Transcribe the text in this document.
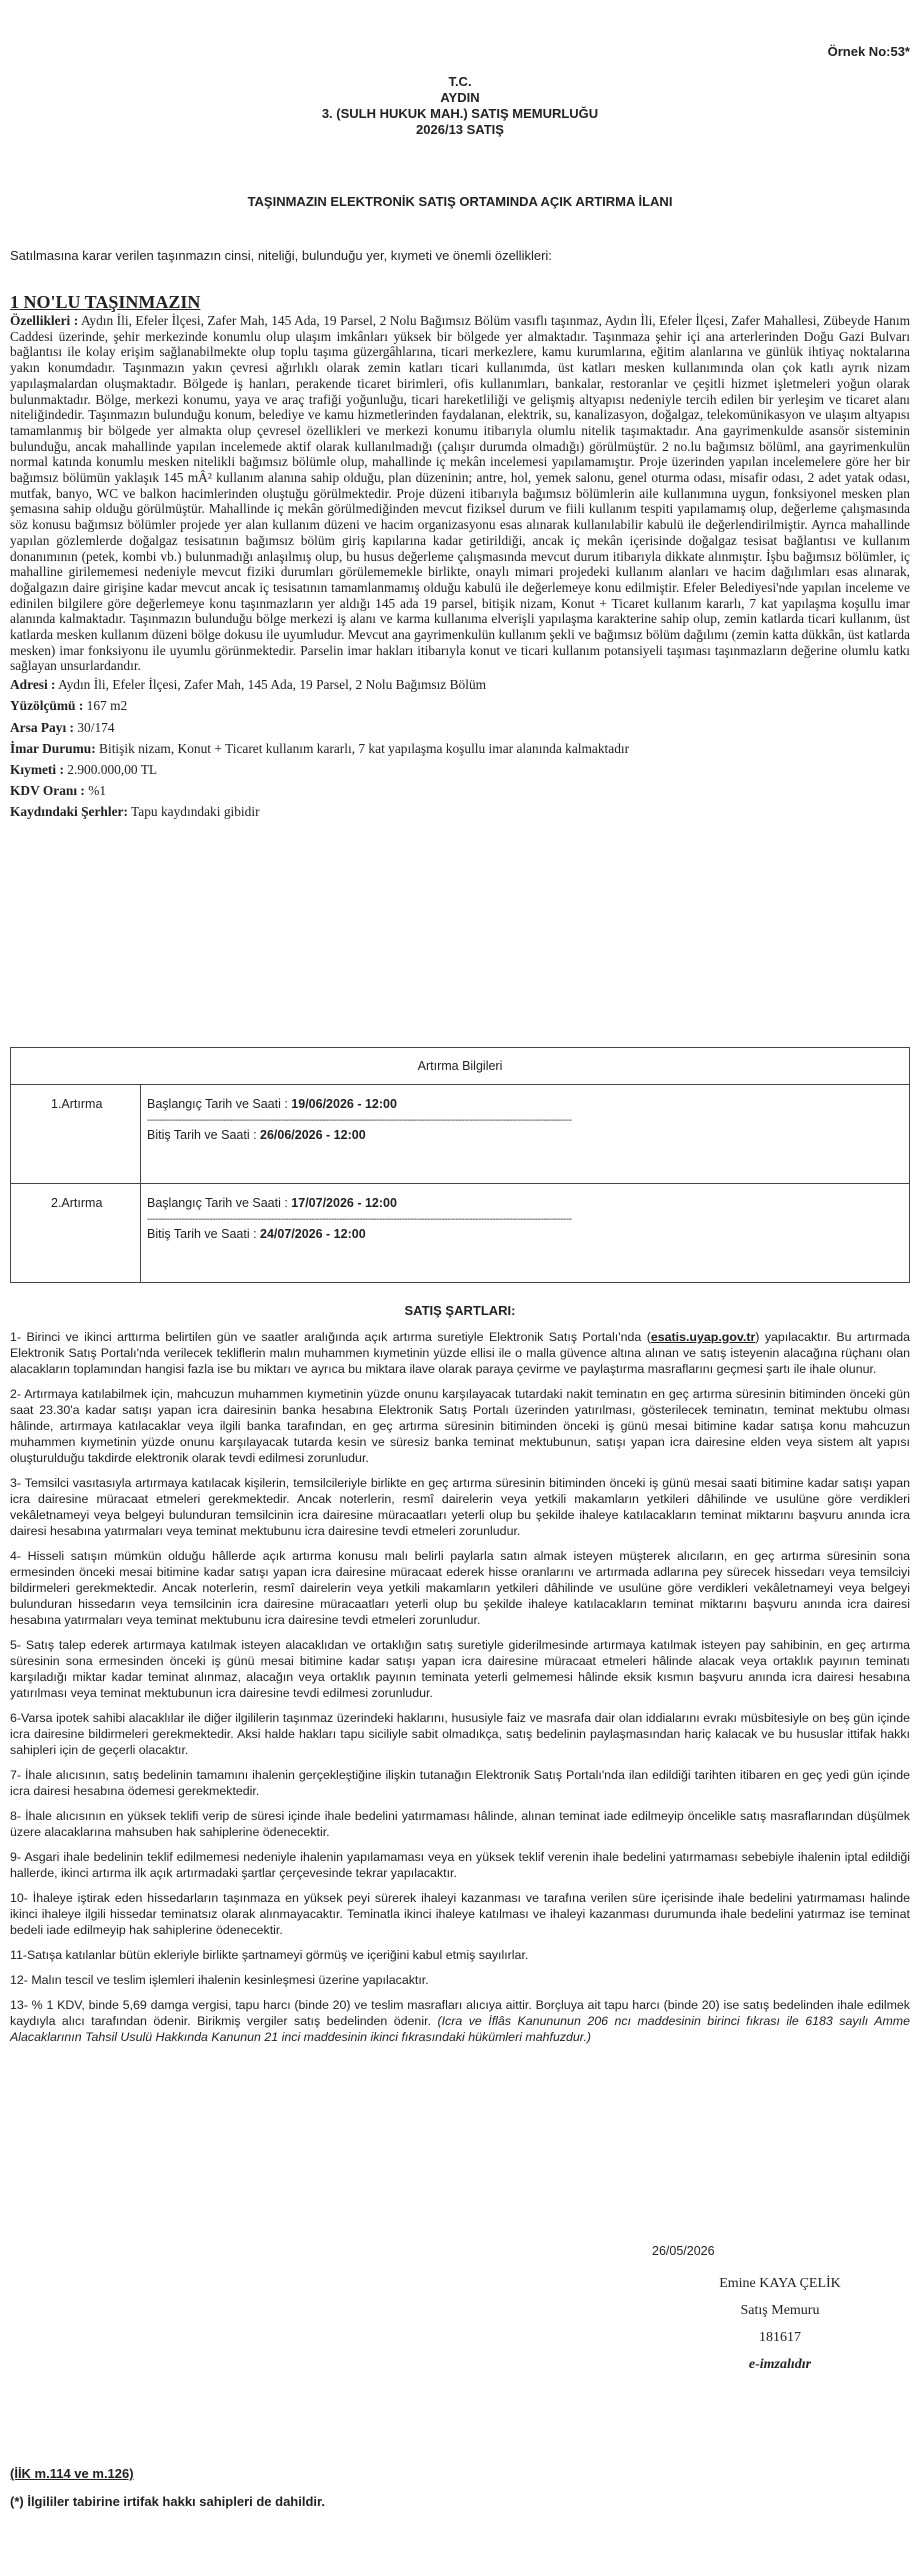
Örnek No:53*
T.C.
AYDIN
3. (SULH HUKUK MAH.) SATIŞ MEMURLUĞU
2026/13 SATIŞ
TAŞINMAZIN ELEKTRONİK SATIŞ ORTAMINDA AÇIK ARTIRMA İLANI
Satılmasına karar verilen taşınmazın cinsi, niteliği, bulunduğu yer, kıymeti ve önemli özellikleri:
1 NO'LU TAŞINMAZIN

Özellikleri : Aydın İli, Efeler İlçesi, Zafer Mah, 145 Ada, 19 Parsel, 2 Nolu Bağımsız Bölüm vasıflı taşınmaz, Aydın İli, Efeler İlçesi, Zafer Mahallesi, Zübeyde Hanım Caddesi üzerinde, şehir merkezinde konumlu olup ulaşım imkânları yüksek bir bölgede yer almaktadır. Taşınmaza şehir içi ana arterlerinden Doğu Gazi Bulvarı bağlantısı ile kolay erişim sağlanabilmekte olup toplu taşıma güzergâhlarına, ticari merkezlere, kamu kurumlarına, eğitim alanlarına ve günlük ihtiyaç noktalarına yakın konumdadır. Taşınmazın yakın çevresi ağırlıklı olarak zemin katları ticari kullanımda, üst katları mesken kullanımında olan çok katlı ayrık nizam yapılaşmalardan oluşmaktadır. Bölgede iş hanları, perakende ticaret birimleri, ofis kullanımları, bankalar, restoranlar ve çeşitli hizmet işletmeleri yoğun olarak bulunmaktadır. Bölge, merkezi konumu, yaya ve araç trafiği yoğunluğu, ticari hareketliliği ve gelişmiş altyapısı nedeniyle tercih edilen bir yerleşim ve ticaret alanı niteliğindedir. Taşınmazın bulunduğu konum, belediye ve kamu hizmetlerinden faydalanan, elektrik, su, kanalizasyon, doğalgaz, telekomünikasyon ve ulaşım altyapısı tamamlanmış bir bölgede yer almakta olup çevresel özellikleri ve merkezi konumu itibarıyla olumlu nitelik taşımaktadır. Ana gayrimenkulde asansör sisteminin bulunduğu, ancak mahallinde yapılan incelemede aktif olarak kullanılmadığı (çalışır durumda olmadığı) görülmüştür. 2 no.lu bağımsız bölüml, ana gayrimenkulün normal katında konumlu mesken nitelikli bağımsız bölümle olup, mahallinde iç mekân incelemesi yapılamamıştır. Proje üzerinden yapılan incelemelere göre her bir bağımsız bölümün yaklaşık 145 mÂ² kullanım alanına sahip olduğu, plan düzeninin; antre, hol, yemek salonu, genel oturma odası, misafir odası, 2 adet yatak odası, mutfak, banyo, WC ve balkon hacimlerinden oluştuğu görülmektedir. Proje düzeni itibarıyla bağımsız bölümlerin aile kullanımına uygun, fonksiyonel mesken plan şemasına sahip olduğu görülmüştür. Mahallinde iç mekân görülmediğinden mevcut fiziksel durum ve fiili kullanım tespiti yapılamamış olup, değerleme çalışmasında söz konusu bağımsız bölümler projede yer alan kullanım düzeni ve hacim organizasyonu esas alınarak kullanılabilir kabulü ile değerlendirilmiştir. Ayrıca mahallinde yapılan gözlemlerde doğalgaz tesisatının bağımsız bölüm giriş kapılarına kadar getirildiği, ancak iç mekân içerisinde doğalgaz tesisat bağlantısı ve kullanım donanımının (petek, kombi vb.) bulunmadığı anlaşılmış olup, bu husus değerleme çalışmasında mevcut durum itibarıyla dikkate alınmıştır. İşbu bağımsız bölümler, iç mahalline girilememesi nedeniyle mevcut fiziki durumları görülememekle birlikte, onaylı mimari projedeki kullanım alanları ve hacim dağılımları esas alınarak, doğalgazın daire girişine kadar mevcut ancak iç tesisatının tamamlanmamış olduğu kabulü ile değerlemeye konu edilmiştir. Efeler Belediyesi'nde yapılan inceleme ve edinilen bilgilere göre değerlemeye konu taşınmazların yer aldığı 145 ada 19 parsel, bitişik nizam, Konut + Ticaret kullanım kararlı, 7 kat yapılaşma koşullu imar alanında kalmaktadır. Taşınmazın bulunduğu bölge merkezi iş alanı ve karma kullanıma elverişli yapılaşma karakterine sahip olup, zemin katlarda ticari kullanım, üst katlarda mesken kullanım düzeni bölge dokusu ile uyumludur. Mevcut ana gayrimenkulün kullanım şekli ve bağımsız bölüm dağılımı (zemin katta dükkân, üst katlarda mesken) imar fonksiyonu ile uyumlu görünmektedir. Parselin imar hakları itibarıyla konut ve ticari kullanım potansiyeli taşıması taşınmazların değerine olumlu katkı sağlayan unsurlardandır.

Adresi : Aydın İli, Efeler İlçesi, Zafer Mah, 145 Ada, 19 Parsel, 2 Nolu Bağımsız Bölüm

Yüzölçümü : 167 m2

Arsa Payı : 30/174

İmar Durumu: Bitişik nizam, Konut + Ticaret kullanım kararlı, 7 kat yapılaşma koşullu imar alanında kalmaktadır

Kıymeti : 2.900.000,00 TL

KDV Oranı : %1

Kaydındaki Şerhler: Tapu kaydındaki gibidir

Artırma Bilgileri	
1.Artırma	Başlangıç Tarih ve Saati : 19/06/2026 - 12:00

------------------------------------------------------------------------------------------------------------------------------------------------------

Bitiş Tarih ve Saati : 26/06/2026 - 12:00

2.Artırma	Başlangıç Tarih ve Saati : 17/07/2026 - 12:00

------------------------------------------------------------------------------------------------------------------------------------------------------

Bitiş Tarih ve Saati : 24/07/2026 - 12:00

SATIŞ ŞARTLARI:

1- Birinci ve ikinci arttırma belirtilen gün ve saatler aralığında açık artırma suretiyle Elektronik Satış Portalı'nda (esatis.uyap.gov.tr) yapılacaktır. Bu artırmada Elektronik Satış Portalı'nda verilecek tekliflerin malın muhammen kıymetinin yüzde ellisi ile o malla güvence altına alınan ve satış isteyenin alacağına rüçhanı olan alacakların toplamından hangisi fazla ise bu miktarı ve ayrıca bu miktara ilave olarak paraya çevirme ve paylaştırma masraflarını geçmesi şartı ile ihale olunur.

2- Artırmaya katılabilmek için, mahcuzun muhammen kıymetinin yüzde onunu karşılayacak tutardaki nakit teminatın en geç artırma süresinin bitiminden önceki gün saat 23.30'a kadar satışı yapan icra dairesinin banka hesabına Elektronik Satış Portalı üzerinden yatırılması, gösterilecek teminatın, teminat mektubu olması hâlinde, artırmaya katılacaklar veya ilgili banka tarafından, en geç artırma süresinin bitiminden önceki iş günü mesai bitimine kadar satışa konu mahcuzun muhammen kıymetinin yüzde onunu karşılayacak tutarda kesin ve süresiz banka teminat mektubunun, satışı yapan icra dairesine elden veya sistem alt yapısı oluşturulduğu takdirde elektronik olarak tevdi edilmesi zorunludur.

3- Temsilci vasıtasıyla artırmaya katılacak kişilerin, temsilcileriyle birlikte en geç artırma süresinin bitiminden önceki iş günü mesai saati bitimine kadar satışı yapan icra dairesine müracaat etmeleri gerekmektedir. Ancak noterlerin, resmî dairelerin veya yetkili makamların yetkileri dâhilinde ve usulüne göre verdikleri vekâletnameyi veya belgeyi bulunduran temsilcinin icra dairesine müracaatları yeterli olup bu şekilde ihaleye katılacakların teminat miktarını başvuru anında icra dairesi hesabına yatırmaları veya teminat mektubunu icra dairesine tevdi etmeleri zorunludur.

4- Hisseli satışın mümkün olduğu hâllerde açık artırma konusu malı belirli paylarla satın almak isteyen müşterek alıcıların, en geç artırma süresinin sona ermesinden önceki mesai bitimine kadar satışı yapan icra dairesine müracaat ederek hisse oranlarını ve artırmada adlarına pey sürecek hissedarı veya temsilciyi bildirmeleri gerekmektedir. Ancak noterlerin, resmî dairelerin veya yetkili makamların yetkileri dâhilinde ve usulüne göre verdikleri vekâletnameyi veya belgeyi bulunduran hissedarın veya temsilcinin icra dairesine müracaatları yeterli olup bu şekilde ihaleye katılacakların teminat miktarını başvuru anında icra dairesi hesabına yatırmaları veya teminat mektubunu icra dairesine tevdi etmeleri zorunludur.

5- Satış talep ederek artırmaya katılmak isteyen alacaklıdan ve ortaklığın satış suretiyle giderilmesinde artırmaya katılmak isteyen pay sahibinin, en geç artırma süresinin sona ermesinden önceki iş günü mesai bitimine kadar satışı yapan icra dairesine müracaat etmeleri hâlinde alacak veya ortaklık payının teminatı karşıladığı miktar kadar teminat alınmaz, alacağın veya ortaklık payının teminata yeterli gelmemesi hâlinde eksik kısmın başvuru anında icra dairesi hesabına yatırılması veya teminat mektubunun icra dairesine tevdi edilmesi zorunludur.

6-Varsa ipotek sahibi alacaklılar ile diğer ilgililerin taşınmaz üzerindeki haklarını, hususiyle faiz ve masrafa dair olan iddialarını evrakı müsbitesiyle on beş gün içinde icra dairesine bildirmeleri gerekmektedir. Aksi halde hakları tapu siciliyle sabit olmadıkça, satış bedelinin paylaşmasından hariç kalacak ve bu hususlar ittifak hakkı sahipleri için de geçerli olacaktır.

7- İhale alıcısının, satış bedelinin tamamını ihalenin gerçekleştiğine ilişkin tutanağın Elektronik Satış Portalı'nda ilan edildiği tarihten itibaren en geç yedi gün içinde icra dairesi hesabına ödemesi gerekmektedir.

8- İhale alıcısının en yüksek teklifi verip de süresi içinde ihale bedelini yatırmaması hâlinde, alınan teminat iade edilmeyip öncelikle satış masraflarından düşülmek üzere alacaklarına mahsuben hak sahiplerine ödenecektir.

9- Asgari ihale bedelinin teklif edilmemesi nedeniyle ihalenin yapılamaması veya en yüksek teklif verenin ihale bedelini yatırmaması sebebiyle ihalenin iptal edildiği hallerde, ikinci artırma ilk açık artırmadaki şartlar çerçevesinde tekrar yapılacaktır.

10- İhaleye iştirak eden hissedarların taşınmaza en yüksek peyi sürerek ihaleyi kazanması ve tarafına verilen süre içerisinde ihale bedelini yatırmaması halinde ikinci ihaleye ilgili hissedar teminatsız olarak alınmayacaktır. Teminatla ikinci ihaleye katılması ve ihaleyi kazanması durumunda ihale bedelini yatırmaz ise teminat bedeli iade edilmeyip hak sahiplerine ödenecektir.

11-Satışa katılanlar bütün ekleriyle birlikte şartnameyi görmüş ve içeriğini kabul etmiş sayılırlar.

12- Malın tescil ve teslim işlemleri ihalenin kesinleşmesi üzerine yapılacaktır.

13- % 1 KDV, binde 5,69 damga vergisi, tapu harcı (binde 20) ve teslim masrafları alıcıya aittir. Borçluya ait tapu harcı (binde 20) ise satış bedelinden ihale edilmek kaydıyla alıcı tarafından ödenir. Birikmiş vergiler satış bedelinden ödenir. (Icra ve İflâs Kanununun 206 ncı maddesinin birinci fıkrası ile 6183 sayılı Amme Alacaklarının Tahsil Usulü Hakkında Kanunun 21 inci maddesinin ikinci fıkrasındaki hükümleri mahfuzdur.)

26/05/2026
Emine KAYA ÇELİK
Satış Memuru
181617
e-imzalıdır
(İİK m.114 ve m.126)
(*) İlgililer tabirine irtifak hakkı sahipleri de dahildir.
